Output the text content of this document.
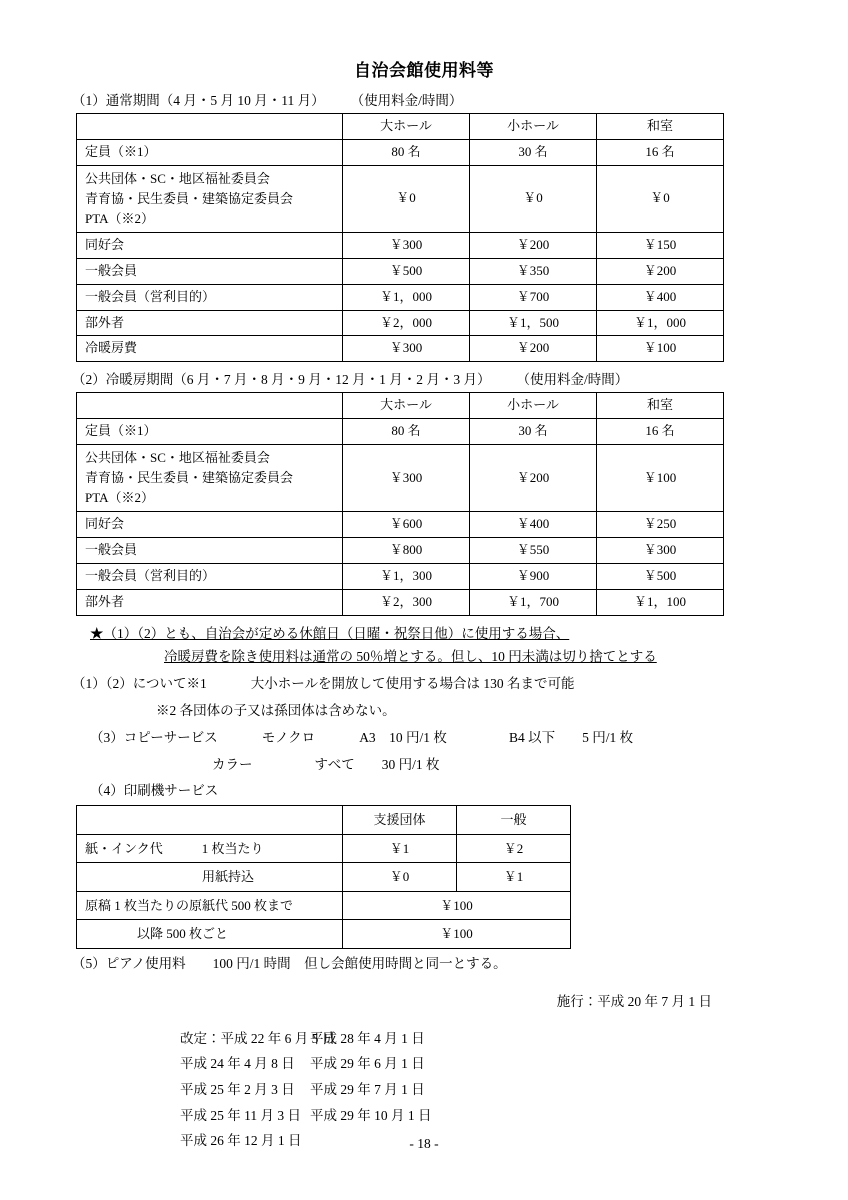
自治会館使用料等
（1）通常期間（4 月・5 月 10 月・11 月） （使用料金/時間）
	大ホール	小ホール	和室
定員（※1）	80 名	30 名	16 名

公共団体・SC・地区福祉委員会
青育協・民生委員・建築協定委員会
PTA（※2）	￥0	￥0	￥0
同好会	￥300	￥200	￥150
一般会員	￥500	￥350	￥200
一般会員（営利目的）	￥1，000	￥700	￥400
部外者	￥2，000	￥1，500	￥1，000
冷暖房費	￥300	￥200	￥100
（2）冷暖房期間（6 月・7 月・8 月・9 月・12 月・1 月・2 月・3 月） （使用料金/時間）
	大ホール	小ホール	和室
定員（※1）	80 名	30 名	16 名

公共団体・SC・地区福祉委員会
青育協・民生委員・建築協定委員会
PTA（※2）	￥300	￥200	￥100
同好会	￥600	￥400	￥250
一般会員	￥800	￥550	￥300
一般会員（営利目的）	￥1，300	￥900	￥500
部外者	￥2，300	￥1，700	￥1，100
★（1）（2）とも、自治会が定める休館日（日曜・祝祭日他）に使用する場合、
冷暖房費を除き使用料は通常の 50％増とする。但し、10 円未満は切り捨てとする
（1）（2）について※1	大小ホールを開放して使用する場合は 130 名まで可能
※2 各団体の子又は孫団体は含めない。
（3）コピーサービス	モノクロ	A3　10 円/1 枚	B4 以下　　5 円/1 枚
カラー	すべて　　30 円/1 枚
（4）印刷機サービス
	支援団体	一般
紙・インク代　　　1 枚当たり	￥1	￥2
　　　　　　　　　用紙持込	￥0	￥1
原稿 1 枚当たりの原紙代 500 枚まで	￥100	
　　　　以降 500 枚ごと	￥100	
（5）ピアノ使用料　　100 円/1 時間　但し会館使用時間と同一とする。
施行：平成 20 年 7 月 1 日
改定：平成 22 年 6 月 5 日
平成 28 年 4 月 1 日
平成 24 年 4 月 8 日	平成 29 年 6 月 1 日
平成 25 年 2 月 3 日	平成 29 年 7 月 1 日
平成 25 年 11 月 3 日 平成 29 年 10 月 1 日
平成 26 年 12 月 1 日	- 18 -
